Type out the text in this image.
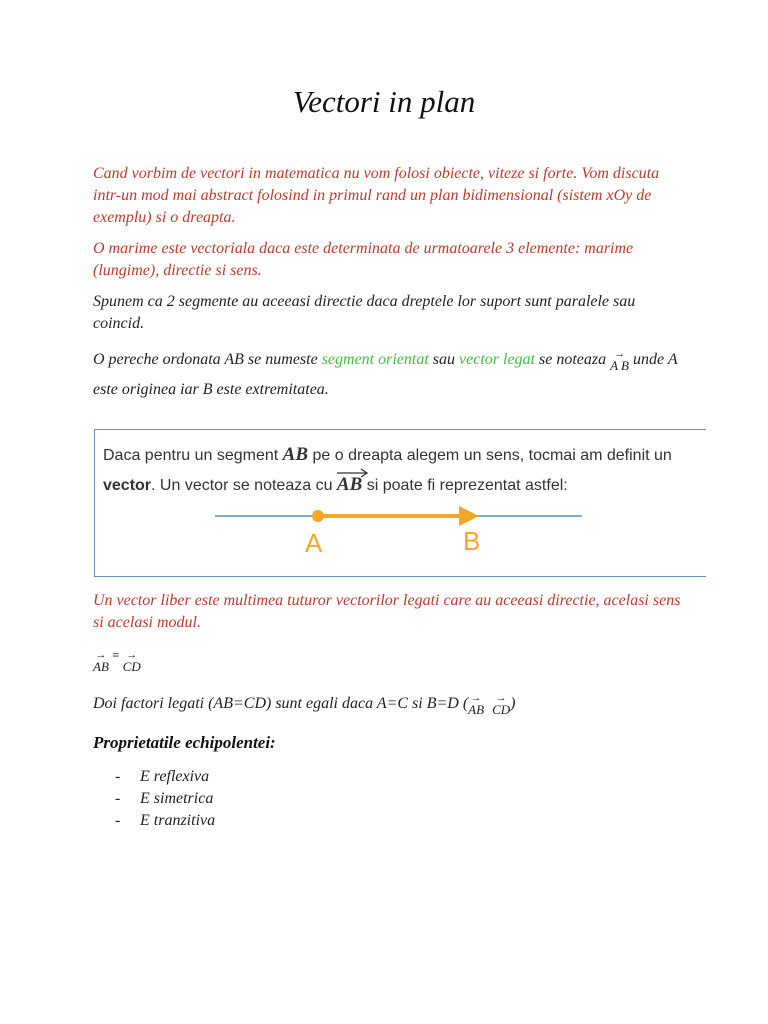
Vectori in plan

Cand vorbim de vectori in matematica nu vom folosi obiecte, viteze si forte. Vom discuta intr-un mod mai abstract folosind in primul rand un plan bidimensional (sistem xOy de exemplu) si o dreapta.

O marime este vectoriala daca este determinata de urmatoarele 3 elemente: marime (lungime), directie si sens.

Spunem ca 2 segmente au aceeasi directie daca dreptele lor suport sunt paralele sau coincid.

O pereche ordonata AB se numeste segment orientat sau vector legat se noteaza →
A B unde A este originea iar B este extremitatea.

Daca pentru un segment AB pe o dreapta alegem un sens, tocmai am definit un
vector. Un vector se noteaza cu
AB si poate fi reprezentat astfel:
A	B

Un vector liber este multimea tuturor vectorilor legati care au aceeasi directie, acelasi sens si acelasi modul.

→
AB ≡ →
CD

Doi factori legati (AB=CD) sunt egali daca A=C si B=D ( →
AB
→
CD)

Proprietatile echipolentei:
- E reflexiva
- E simetrica
- E tranzitiva
